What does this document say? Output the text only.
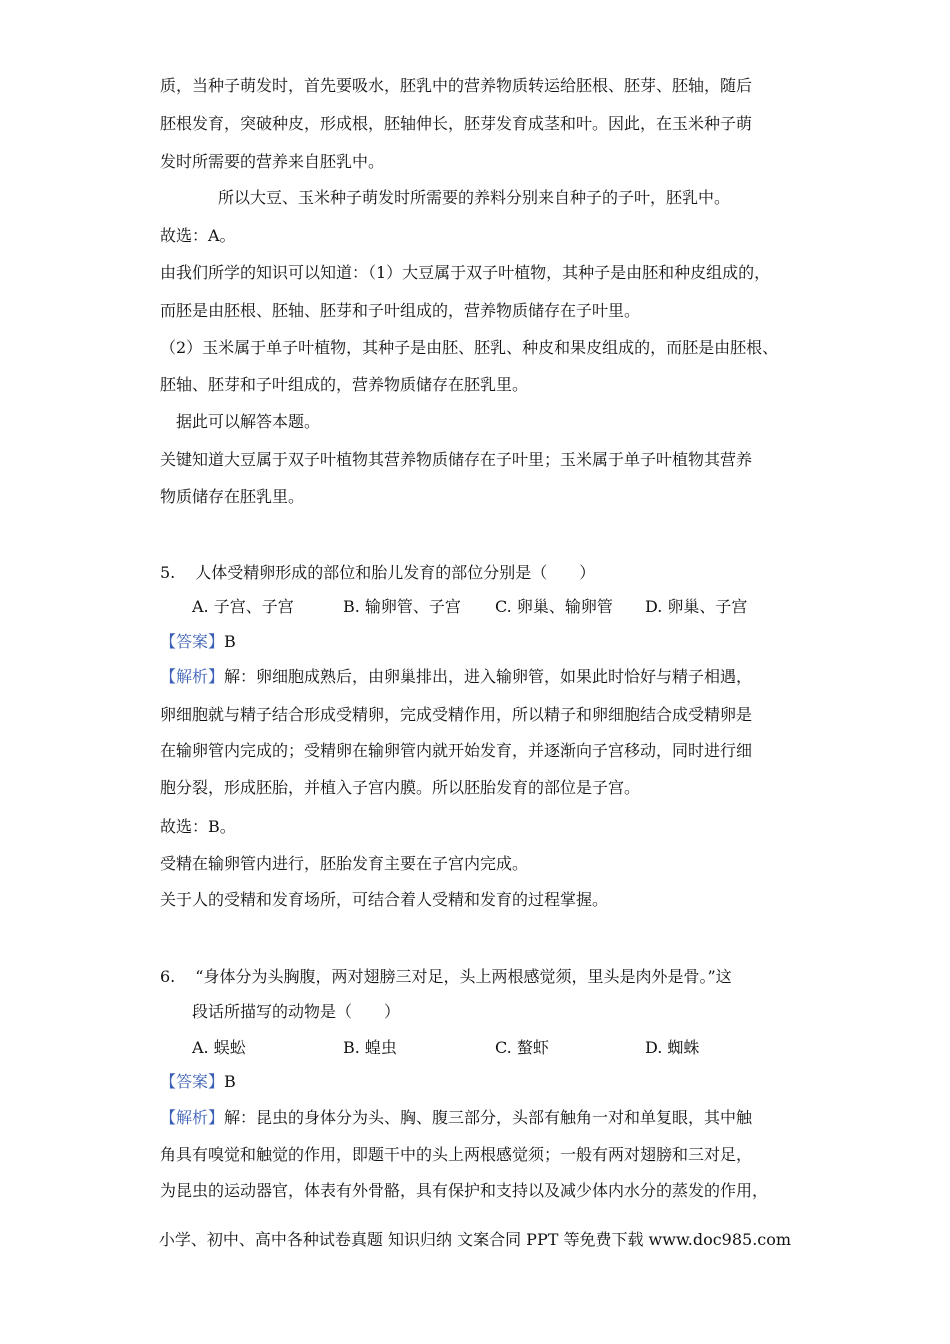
质，当种子萌发时，首先要吸水，胚乳中的营养物质转运给胚根、胚芽、胚轴，随后
胚根发育，突破种皮，形成根，胚轴伸长，胚芽发育成茎和叶。因此，在玉米种子萌
发时所需要的营养来自胚乳中。
所以大豆、玉米种子萌发时所需要的养料分别来自种子的子叶，胚乳中。
故选：A。
由我们所学的知识可以知道：（1）大豆属于双子叶植物，其种子是由胚和种皮组成的，
而胚是由胚根、胚轴、胚芽和子叶组成的，营养物质储存在子叶里。
（2）玉米属于单子叶植物，其种子是由胚、胚乳、种皮和果皮组成的，而胚是由胚根、
胚轴、胚芽和子叶组成的，营养物质储存在胚乳里。
据此可以解答本题。
关键知道大豆属于双子叶植物其营养物质储存在子叶里；玉米属于单子叶植物其营养
物质储存在胚乳里。
5. 人体受精卵形成的部位和胎儿发育的部位分别是（　　）
A. 子宫、子宫	B. 输卵管、子宫 C. 卵巢、输卵管 D. 卵巢、子宫
【答案】B
【解析】解：卵细胞成熟后，由卵巢排出，进入输卵管，如果此时恰好与精子相遇，
卵细胞就与精子结合形成受精卵，完成受精作用，所以精子和卵细胞结合成受精卵是
在输卵管内完成的；受精卵在输卵管内就开始发育，并逐渐向子宫移动，同时进行细
胞分裂，形成胚胎，并植入子宫内膜。所以胚胎发育的部位是子宫。
故选：B。
受精在输卵管内进行，胚胎发育主要在子宫内完成。
关于人的受精和发育场所，可结合着人受精和发育的过程掌握。
6. “身体分为头胸腹，两对翅膀三对足，头上两根感觉须，里头是肉外是骨。”这
段话所描写的动物是（　　）
A. 蜈蚣	B. 蝗虫	C. 螯虾	D. 蜘蛛
【答案】B
【解析】解：昆虫的身体分为头、胸、腹三部分，头部有触角一对和单复眼，其中触
角具有嗅觉和触觉的作用，即题干中的头上两根感觉须；一般有两对翅膀和三对足，
为昆虫的运动器官，体表有外骨骼，具有保护和支持以及减少体内水分的蒸发的作用，
小学、初中、高中各种试卷真题 知识归纳 文案合同 PPT 等免费下载 www.doc985.com
